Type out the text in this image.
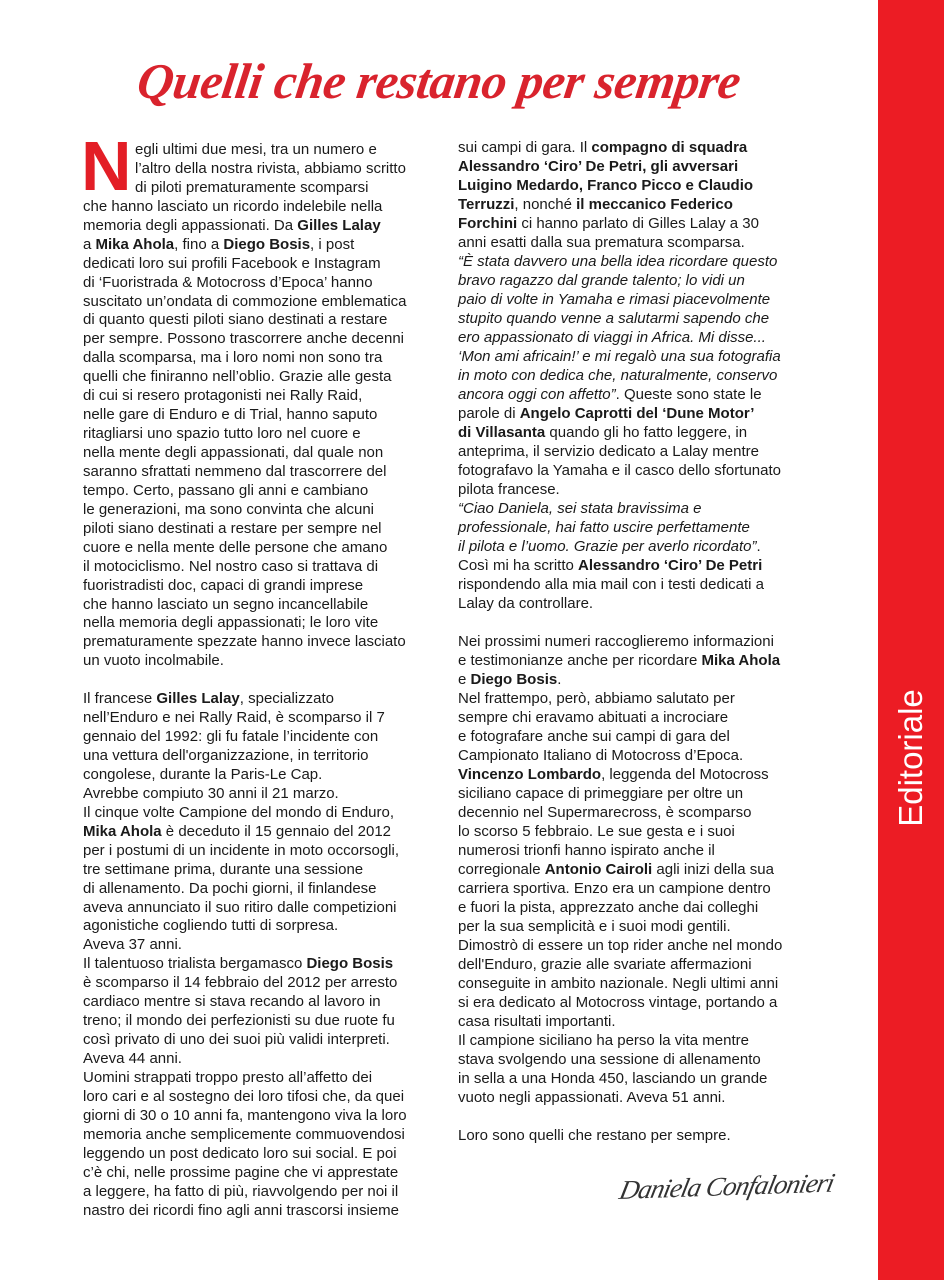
Quelli che restano per sempre
N egli ultimi due mesi, tra un numero e
l’altro della nostra rivista, abbiamo scritto
di piloti prematuramente scomparsi
che hanno lasciato un ricordo indelebile nella
memoria degli appassionati. Da Gilles Lalay
a Mika Ahola, fino a Diego Bosis, i post
dedicati loro sui profili Facebook e Instagram
di ‘Fuoristrada & Motocross d’Epoca’ hanno
suscitato un’ondata di commozione emblematica
di quanto questi piloti siano destinati a restare
per sempre. Possono trascorrere anche decenni
dalla scomparsa, ma i loro nomi non sono tra
quelli che finiranno nell’oblio. Grazie alle gesta
di cui si resero protagonisti nei Rally Raid,
nelle gare di Enduro e di Trial, hanno saputo
ritagliarsi uno spazio tutto loro nel cuore e
nella mente degli appassionati, dal quale non
saranno sfrattati nemmeno dal trascorrere del
tempo. Certo, passano gli anni e cambiano
le generazioni, ma sono convinta che alcuni
piloti siano destinati a restare per sempre nel
cuore e nella mente delle persone che amano
il motociclismo. Nel nostro caso si trattava di
fuoristradisti doc, capaci di grandi imprese
che hanno lasciato un segno incancellabile
nella memoria degli appassionati; le loro vite
prematuramente spezzate hanno invece lasciato
un vuoto incolmabile.

Il francese Gilles Lalay, specializzato
nell’Enduro e nei Rally Raid, è scomparso il 7
gennaio del 1992: gli fu fatale l’incidente con
una vettura dell'organizzazione, in territorio
congolese, durante la Paris-Le Cap.
Avrebbe compiuto 30 anni il 21 marzo.
Il cinque volte Campione del mondo di Enduro,
Mika Ahola è deceduto il 15 gennaio del 2012
per i postumi di un incidente in moto occorsogli,
tre settimane prima, durante una sessione
di allenamento. Da pochi giorni, il finlandese
aveva annunciato il suo ritiro dalle competizioni
agonistiche cogliendo tutti di sorpresa.
Aveva 37 anni.
Il talentuoso trialista bergamasco Diego Bosis
è scomparso il 14 febbraio del 2012 per arresto
cardiaco mentre si stava recando al lavoro in
treno; il mondo dei perfezionisti su due ruote fu
così privato di uno dei suoi più validi interpreti.
Aveva 44 anni.
Uomini strappati troppo presto all’affetto dei
loro cari e al sostegno dei loro tifosi che, da quei
giorni di 30 o 10 anni fa, mantengono viva la loro
memoria anche semplicemente commuovendosi
leggendo un post dedicato loro sui social. E poi
c’è chi, nelle prossime pagine che vi apprestate
a leggere, ha fatto di più, riavvolgendo per noi il
nastro dei ricordi fino agli anni trascorsi insieme
sui campi di gara. Il compagno di squadra
Alessandro ‘Ciro’ De Petri, gli avversari
Luigino Medardo, Franco Picco e Claudio
Terruzzi, nonché il meccanico Federico
Forchini ci hanno parlato di Gilles Lalay a 30
anni esatti dalla sua prematura scomparsa.
“È stata davvero una bella idea ricordare questo
bravo ragazzo dal grande talento; lo vidi un
paio di volte in Yamaha e rimasi piacevolmente
stupito quando venne a salutarmi sapendo che
ero appassionato di viaggi in Africa. Mi disse...
‘Mon ami africain!’ e mi regalò una sua fotografia
in moto con dedica che, naturalmente, conservo
ancora oggi con affetto”. Queste sono state le
parole di Angelo Caprotti del ‘Dune Motor’
di Villasanta quando gli ho fatto leggere, in
anteprima, il servizio dedicato a Lalay mentre
fotografavo la Yamaha e il casco dello sfortunato
pilota francese.
“Ciao Daniela, sei stata bravissima e
professionale, hai fatto uscire perfettamente
il pilota e l’uomo. Grazie per averlo ricordato”.
Così mi ha scritto Alessandro ‘Ciro’ De Petri
rispondendo alla mia mail con i testi dedicati a
Lalay da controllare.

Nei prossimi numeri raccoglieremo informazioni
e testimonianze anche per ricordare Mika Ahola
e Diego Bosis.
Nel frattempo, però, abbiamo salutato per
sempre chi eravamo abituati a incrociare
e fotografare anche sui campi di gara del
Campionato Italiano di Motocross d’Epoca.
Vincenzo Lombardo, leggenda del Motocross
siciliano capace di primeggiare per oltre un
decennio nel Supermarecross, è scomparso
lo scorso 5 febbraio. Le sue gesta e i suoi
numerosi trionfi hanno ispirato anche il
corregionale Antonio Cairoli agli inizi della sua
carriera sportiva. Enzo era un campione dentro
e fuori la pista, apprezzato anche dai colleghi
per la sua semplicità e i suoi modi gentili.
Dimostrò di essere un top rider anche nel mondo
dell'Enduro, grazie alle svariate affermazioni
conseguite in ambito nazionale. Negli ultimi anni
si era dedicato al Motocross vintage, portando a
casa risultati importanti.
Il campione siciliano ha perso la vita mentre
stava svolgendo una sessione di allenamento
in sella a una Honda 450, lasciando un grande
vuoto negli appassionati. Aveva 51 anni.

Loro sono quelli che restano per sempre.
Daniela Confalonieri
Editoriale
